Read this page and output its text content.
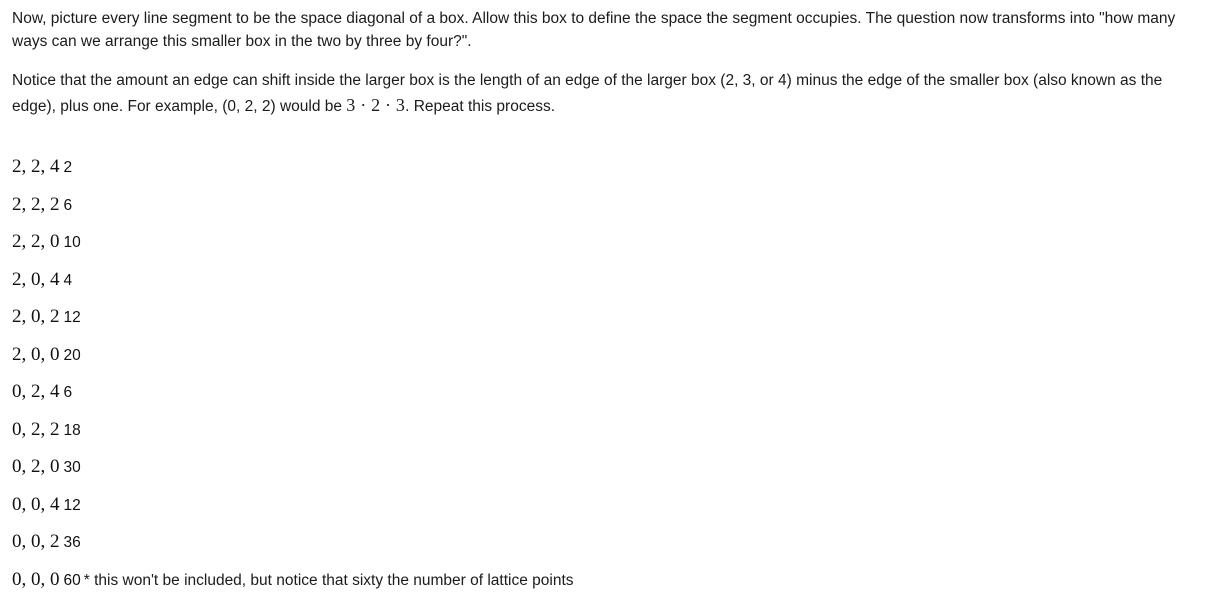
Now, picture every line segment to be the space diagonal of a box. Allow this box to define the space the segment occupies. The question now transforms into "how many ways can we arrange this smaller box in the two by three by four?".

Notice that the amount an edge can shift inside the larger box is the length of an edge of the larger box (2, 3, or 4) minus the edge of the smaller box (also known as the edge), plus one. For example, (0, 2, 2) would be 3 · 2 · 3. Repeat this process.

2, 2, 4 2
2, 2, 2 6
2, 2, 0 10
2, 0, 4 4
2, 0, 2 12
2, 0, 0 20
0, 2, 4 6
0, 2, 2 18
0, 2, 0 30
0, 0, 4 12
0, 0, 2 36
0, 0, 0 60 * this won't be included, but notice that sixty the number of lattice points
